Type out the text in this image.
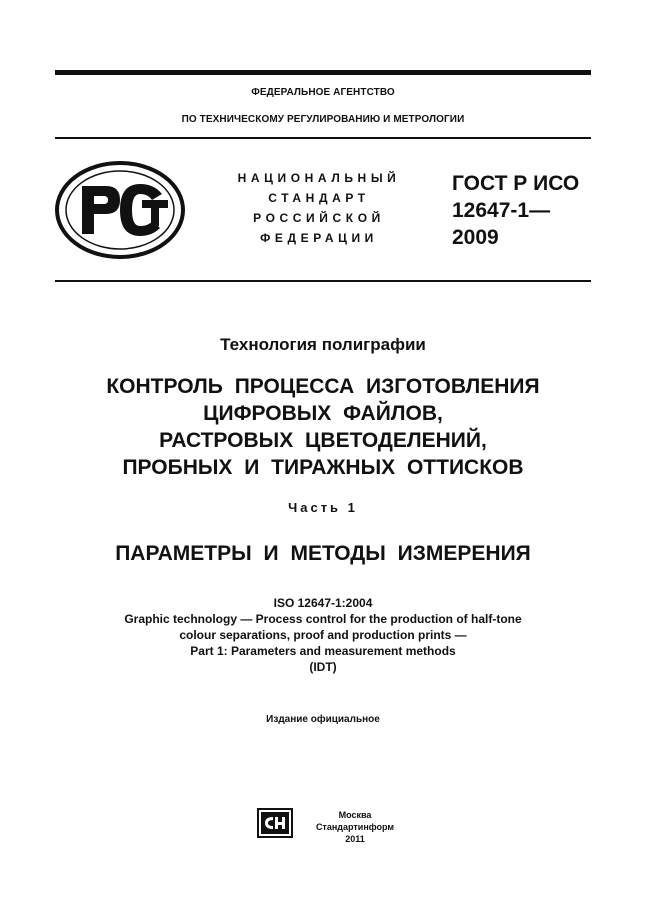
ФЕДЕРАЛЬНОЕ АГЕНТСТВО
ПО ТЕХНИЧЕСКОМУ РЕГУЛИРОВАНИЮ И МЕТРОЛОГИИ
НАЦИОНАЛЬНЫЙ
СТАНДАРТ
РОССИЙСКОЙ
ФЕДЕРАЦИИ
ГОСТ Р ИСО
12647-1—
2009
Технология полиграфии
КОНТРОЛЬ ПРОЦЕССА ИЗГОТОВЛЕНИЯ
ЦИФРОВЫХ ФАЙЛОВ,
РАСТРОВЫХ ЦВЕТОДЕЛЕНИЙ,
ПРОБНЫХ И ТИРАЖНЫХ ОТТИСКОВ
Часть 1
ПАРАМЕТРЫ И МЕТОДЫ ИЗМЕРЕНИЯ
ISO 12647-1:2004
Graphic technology — Process control for the production of half-tone
colour separations, proof and production prints —
Part 1: Parameters and measurement methods
(IDT)
Издание официальное
Москва
Стандартинформ
2011
